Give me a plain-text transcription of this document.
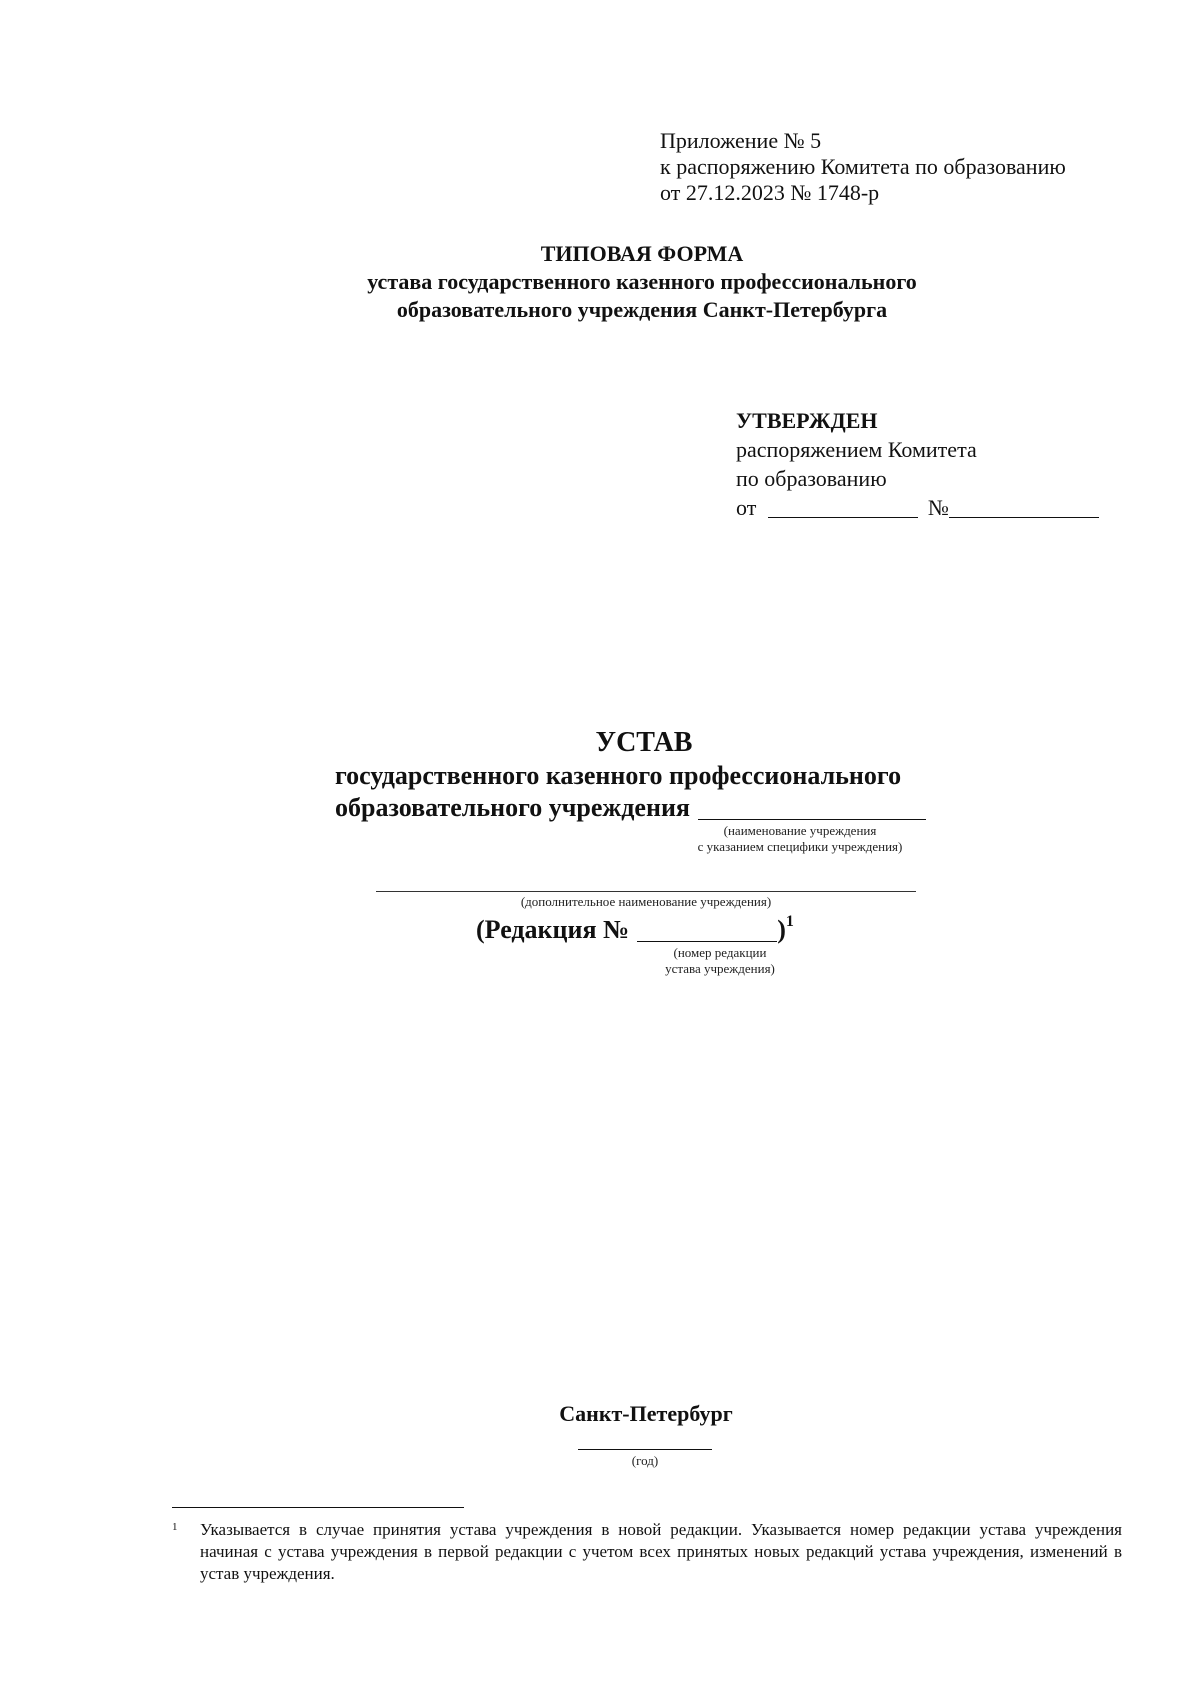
Приложение № 5
к распоряжению Комитета по образованию
от 27.12.2023 № 1748-р
ТИПОВАЯ ФОРМА
устава государственного казенного профессионального
образовательного учреждения Санкт-Петербурга
УТВЕРЖДЕН
распоряжением Комитета
по образованию
от	№
УСТАВ
государственного казенного профессионального
образовательного учреждения
(наименование учреждения
с указанием специфики учреждения)
(дополнительное наименование учреждения)
(Редакция №	)$^1$
(номер редакции
устава учреждения)
Санкт-Петербург
(год)
1 Указывается в случае принятия устава учреждения в новой редакции. Указывается номер редакции устава учреждения начиная с устава учреждения в первой редакции с учетом всех принятых новых редакций устава учреждения, изменений в устав учреждения.
